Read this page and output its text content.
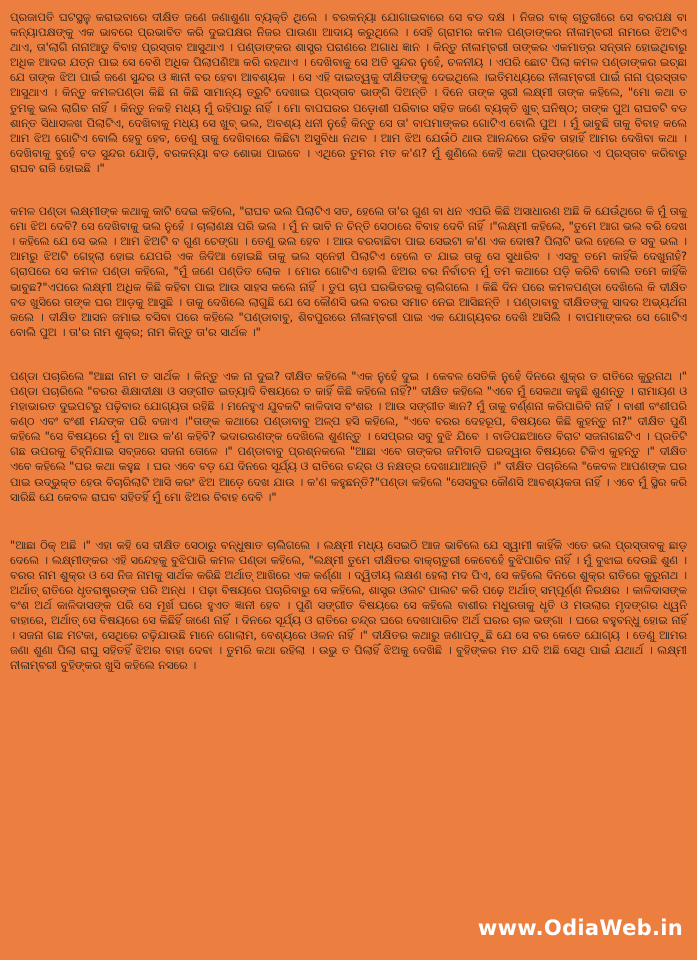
ପ୍ରଜାପତି ଘଟସ୍ଥଳୁ କରାଇବାରେ ଦୀକ୍ଷିତ ଜଣେ ଜଣାଶୁଣା ବ୍ୟକ୍ତି ଥିଲେ । ବରକନ୍ୟା ଯୋଗାଇବାରେ ସେ ବଡ ଦକ୍ଷ । ନିଜର ବାକ୍ ଚାତୁରୀରେ ସେ ବରପକ୍ଷ ବା କନ୍ୟାପକ୍ଷଙ୍କୁ ଏକ ଭାବରେ ପ୍ରଭାବିତ କରି ଦୁଇପକ୍ଷର ନିଜର ପାଉଣା ଆଦାୟ କରୁଥିଲେ । ସେହି ଗ୍ରାମର କମଳ ପଣ୍ଡାଙ୍କର ନୀଳାମ୍ବରୀ ନାମରେ ଝିଅଟିଏ ଥାଏ, ତା'ଲାଗି ନାନାଆଡୁ ବିବାହ ପ୍ରସ୍ତାବ ଆସୁଥାଏ । ପଣ୍ଡାଙ୍କର ଶାସ୍ତ୍ର ପରାଣରେ ଅଗାଧ ଜ୍ଞାନ । କିନ୍ତୁ ନୀଳାମ୍ବରୀ ତାଙ୍କର ଏକମାତ୍ର ସନ୍ତାନ ହୋଇଥିବାରୁ ଅଧିକ ଆଦର ଯତ୍ନ ପାଇ ସେ ବେଶି ଅଧିକ ପିଲାପଣିଆ କରି ରହଥାଏ । ଦେଖିବାକୁ ସେ ଅତି ସୁନ୍ଦର ନୁହେଁ, ଚଳନୀୟ । ଏପରି ଛୋଟ ପିଲା କମଳ ପଣ୍ଡାଙ୍କର ଇଚ୍ଛା ଯେ ତାଙ୍କ ଝିଅ ପାଇଁ ଜଣେ ସୁନ୍ଦର ଓ ଜ୍ଞାନୀ ବର ହେବା ଆବଶ୍ୟକ । ସେ ଏହି ଦାଇତ୍ୱକୁ ଦୀକ୍ଷିତଙ୍କୁ ଦେଇଥିଲେ ।ଇତିମଧ୍ୟରେ ନୀଳାମ୍ବରୀ ପାଇଁ ନାନା ପ୍ରସ୍ତାବ ଆସୁଥାଏ । କିନ୍ତୁ କମଳପଣ୍ଡା କିଛି ନା କିଛି ସାମାନ୍ୟ ତ୍ରୁଟି ଦେଖାଇ ପ୍ରସ୍ତାବ ଭାଙ୍ଗି ଦିଅନ୍ତି । ଦିନେ ତାଙ୍କ ସ୍ତ୍ରୀ ଲକ୍ଷ୍ମୀ ତାଙ୍କ କହିଲେ, "ମୋ କଥା ତ ତୁମକୁ ଭଲ ଲାଗିବ ନାହିଁ । କିନ୍ତୁ ନକହି ମଧ୍ୟ ମୁଁ ରହିପାରୁ ନାହିଁ । ମୋ ବାପଘରର ପଡ଼ୋଶୀ ପରିବାର ସହିତ ଜଣେ ବ୍ୟକ୍ତି ଖୁବ୍ ଘନିଷ୍ଠ; ତାଙ୍କ ପୁଅ ରାଘବଟି ବଡ ଶାନ୍ତ ସିଧାସଳଖ ପିଲାଟିଏ, ଦେଖିବାକୁ ମଧ୍ୟ ସେ ଖୁବ୍ ଭଲ, ଅବଶ୍ୟ ଧନୀ ନୁହେଁ କିନ୍ତୁ ସେ ତା' ବାପମାଙ୍କର ଗୋଟିଏ ବୋଲି ପୁଅ । ମୁଁ ଭାବୁଛି ତାକୁ ବିବାହ କଲେ ଆମ ଝିଅ ଗୋଟିଏ ବୋଲି ହେବୁ ହେବ, ତେଣୁ ତାକୁ ଦେଖିବାରେ କିଛିଟା ଅସୁବିଧା ନଥବ । ଆମ ଝିଅ ଯେଉଁଠି ଥାଉ ଆନନ୍ଦରେ ରହିବ ତାହାହିଁ ଆମର ଦେଖିବା କଥା । ଦେଖିବାକୁ ବୁହେଁ ବଡ ସୁନ୍ଦର ଯୋଡ଼ି, ବରକନ୍ୟା ବଡ ଶୋଭା ପାଇବେ । ଏଥିରେ ତୁମର ମତ କ'ଣ? ମୁଁ ଶୁଣିଲେ କେହି କଥା ପ୍ରସଙ୍ଗରେ ଏ ପ୍ରସ୍ତାବ କରିବାରୁ ରାଘବ ରାଜି ହୋଇଛି ।"

କମଳ ପଣ୍ଡା ଲକ୍ଷ୍ମୀଙ୍କ କଥାକୁ କାଟି ଦେଇ କହିଲେ, "ରାଘବ ଭଲ ପିଲାଟିଏ ସତ, ହେଲେ ତା'ର ଗୁଣ ବା ଧନ ଏପରି କିଛି ଅସାଧାରଣ ଅଛି କି ଯେଉଁଥିରେ କି ମୁଁ ତାକୁ ମୋ ଝିଅ ଦେବି? ସେ ଦେଖିବାକୁ ଭଲ ନୁହେଁ । ଚାଲାଣକ୍ଷ ପରି ଭଲ । ମୁଁ ନ ଭାବି ନ ଚିନ୍ତି ସେଠାରେ ବିବାହ ଦେବି ନାହିଁ ।"ଲକ୍ଷ୍ମୀ କହିଲେ, "ତୁମେ ଆଗ ଭଲ ବରି ଦେଖ । କହିଲେ ଯେ ସେ ଭଲ । ଆମ ଝିଅଟି ବ ଗୁଣ ଚେଙ୍ଗା । ତେଣୁ ଭଲ ହେବ । ଆଉ ବରବାଛିବା ପାଇ ସେଇଟା କ'ଣ ଏକ ଦୋଷ? ପିଲାଟି ଭଲ ହେଲେ ତ ସବୁ ଭଲ । ଆମରୁ ଝିଅଟି ଗେହ୍ଲା ହୋଇ ଯେପରି ଏକ ଜିଦିଆ ହୋଇଛି ତାକୁ ଭଲ ସ୍ନେହୀ ପିଲାଟିଏ ହେଲେ ତ ଯାଇ ତାକୁ ସେ ସୁଧାରିବ । ଏସବୁ ତମେ କାହିଁକି ଦେଖୁନାହଁ? ଗ୍ରାପରେ ସେ କମଳ ପଣ୍ଡା କହିଲେ, "ମୁଁ ଜଣେ ପଣ୍ଡିତ ଲୋକ । ମୋର ଗୋଟିଏ ହୋଲି ଝିଅର ବର ନିର୍ବାଚନ ମୁଁ ତମ କଥାରେ ପଡ଼ି କରିବି ବୋଲି ତମେ କାହିଁକି ଭାବୁଛ?"ଏପରେ ଲକ୍ଷ୍ମୀ ଅଧିକ କିଛି କହିବା ପାଇ ଆଉ ସାହସ କଲେ ନାହିଁ । ତୁପ ଚାପ ଘରଭିତରକୁ ଚାଲିଗଲେ । କିଛି ଦିନ ପରେ କମଳପଣ୍ଡା ଦେଖିଲେ କି ଦୀକ୍ଷିତ ବଡ ଖୁସିରେ ତାଙ୍କ ଘର ଆଡ଼କୁ ଆସୁଛି । ତାକୁ ଦେଖିଲେ ଲାଗୁଛି ଯେ ସେ କୌଣସି ଭଲ ବରର ସମାଚ ନେଇ ଆସିଛନ୍ତି । ପଣ୍ଡାବାବୁ ଦୀକ୍ଷିତଙ୍କୁ ସାଦର ଅଭ୍ୟର୍ଥନା କଲେ । ଦୀକ୍ଷିତ ଆସନ ଜମାଇ ବସିବା ପରେ କହିଲେ "ପଣ୍ଡାବାବୁ, ଶିବପୁରରେ ନୀଳାମ୍ବରୀ ପାଇ ଏକ ଯୋଗ୍ୟବର ଦେଖି ଆସିଲି । ବାପମାଙ୍କର ସେ ଗୋଟିଏ ବୋଲି ପୁଅ । ତା'ର ନାମ ଶୁକ୍ର; ନାମ କିନ୍ତୁ ତା'ର ସାର୍ଥକ ।"

ପଣ୍ଡା ପଚାରିଲେ "ଆଛା ନାମ ତ ସାର୍ଥକ । କିନ୍ତୁ ଏକ ନା ଦୁଇ? ଦୀକ୍ଷିତ କହିଲେ "ଏକ ନୁହେଁ ଦୁଇ । କେବଳ ସେତିକି ନୁହେଁ ଦିନରେ ଶୁକ୍ର ତ ରାତିରେ କୁରୁନାଥ ।" ପଣ୍ଡା ପଚାରିଲେ "ବରର ଶିକ୍ଷାଦୀକ୍ଷା ଓ ସଙ୍ଗୀତ ଇତ୍ୟାଦି ବିଷୟରେ ତ କାହିଁ କିଛି କହିଲେ ନାହିଁ?" ଦୀକ୍ଷିତ କହିଲେ "ଏବେ ମୁଁ ସେକଥା କହୁଛି ଶୁଣନ୍ତୁ । ରାମାୟଣ ଓ ମହାଭାରତ ଦୁଇପଟରୁ ପଢ଼ିବାର ଯୋଗ୍ୟତା ରହିଛି । ମନେହୁଏ ଯୁବକଟି କାଳିଦାସ ବଂଶର । ଆଉ ସଙ୍ଗୀତ ଜ୍ଞାନ? ମୁଁ ତାକୁ ବର୍ଣ୍ଣନା କରିପାରିବି ନାହିଁ । ବାଶୀ ବଂଶୀପରି କଣ୍ଠ ଏବଂ ବଂଶୀ ମନ୍ଦଙ୍କ ପରି ବଜାଏ ।"ତାଙ୍କ କଥାରେ ପଣ୍ଡାବାବୁ ଅଳ୍ପ ହସି କହିଲେ, "ଏବେ ବରର ଦେହରୂପ, ବିଷୟରେ କିଛି କୁହନ୍ତୁ ନା?" ଦୀକ୍ଷିତ ପୁଣି କହିଲେ "ସେ ବିଷୟରେ ମୁଁ ବା ଆଉ କ'ଣ କହିବି? ଭଦାରରଣଙ୍କ ଦେଖିଲେ ଶୁଣନ୍ତୁ । ସେପ୍ରର ସବୁ ବୁଝି ଯିବେ । ବାଡିପଛଆଡେ ବିରାଟ ସଜନାଗଛଟିଏ । ପ୍ରତିଟି ଗଛ ଉପରକୁ ଚିହ୍ନିଯାଇ ସବ୍ଜରେ ସଜନା ତୋଳେ ।" ପଣ୍ଡାବାବୁ ପ୍ରଶ୍ନକଲେ "ଆଛା ଏବେ ତାଙ୍କର ଜମିବାଡି ଘରଦ୍ୱାର ବିଷୟରେ ଟିକିଏ କୁହନ୍ତୁ ।" ଦୀକ୍ଷିତ ଏବେ କହିଲେ "ଘର କଥା କହୁଛ । ଘର ଏବେ ବଡ଼ ଯେ ଦିନରେ ସୂର୍ଯ୍ୟ ଓ ରାତିରେ ଚନ୍ଦ୍ର ଓ ନକ୍ଷତ୍ର ଦେଖାଯାଆନ୍ତି ।" ଦୀକ୍ଷିତ ପଚାରିଲେ "କେବଳ ଆପଣଙ୍କ ଘର ପାଇ ଉଦ୍ଭୁକ୍ତ ହେଉ ବିଚାରିଲାଟି ଆସି କରଂ ଝିଅ ଆଡ଼େ ଦେଖ ଯାଉ । କ'ଣ କହୁଛନ୍ତି?"ପଣ୍ଡା କହିଲେ "ସେସବୁର କୌଣସି ଆବଶ୍ୟକତା ନାହିଁ । ଏବେ ମୁଁ ସ୍ଥିର କରି ସାରିଛି ଯେ କେବଳ ରାଘବ ସହିତହିଁ ମୁଁ ମୋ ଝିଅର ବିବାହ ଦେବି ।"

"ଆଛା ଠିକ୍ ଅଛି ।" ଏହା କହି ସେ ଦୀକ୍ଷିତ ସେଠାରୁ ବନ୍ଧୁଷାତ ଚାଲିଗଲେ । ଲକ୍ଷ୍ମୀ ମଧ୍ୟ ସେଇଠି ଆଜ ଭାବିଲେ ଯେ ସ୍ୱାମୀ କାହିଁକି ଏତେ ଭଲ ପ୍ରସ୍ତାବକୁ ଛାଡ଼ ଦେଲେ । ଲକ୍ଷ୍ମୀଙ୍କର ଏହି ସନ୍ଦେହକୁ ବୁଝିପାରି କମଳ ପଣ୍ଡା କହିଲେ, "ଲକ୍ଷ୍ମୀ ତୁମେ ଦୀକ୍ଷିତର ବାକ୍‌ଚାତୁରୀ କେବେହେଁ ବୁଝିପାରିବ ନାହିଁ । ମୁଁ ବୁଝାଇ ଦେଉଛି ଶୁଣ । ବରର ନାମ ଶୁକ୍ର ଓ ସେ ନିଜ ନାମକୁ ସାର୍ଥକ କରିଛି ଅର୍ଥାତ୍ ଆଖିରେ ଏକ କର୍ଣ୍ଣା । ଦ୍ୱିତୀୟ ଲକ୍ଷଣ ହେଲା ମଦ ପିଏ, ସେ କହିଲେ ଦିନରେ ଶୁକ୍ର ରାତିରେ କୁରୁନାଥ । ଅର୍ଥାତ୍ ରାତିରେ ଧୃତରାଷ୍ଟ୍ରଙ୍କ ପରି ଅନ୍ଧ । ପଢ଼ା ବିଷୟରେ ପଚାରିବାରୁ ସେ କହିଲେ, ଶାସ୍ତ୍ର ଓଲଟ ପାଲଟ କରି ପଢ଼େ ଅର୍ଥାତ୍ ସମ୍ପୂର୍ଣ୍ଣ ନିରକ୍ଷର । କାଳିଦାସଙ୍କ ବଂଶ ଅର୍ଥ କାଳିଦାସଙ୍କ ପରି ସେ ମୂର୍ଖ ଘରେ ହୁଏତ ଜ୍ଞାନୀ ହେବ । ପୁଣି ସଙ୍ଗୀତ ବିଷୟରେ ସେ କହିଲେ ବାଶୀର ମଧୁରତାକୁ ଧୃତି ଓ ମଉଲାର ମୃଦଙ୍ଗର ଧ୍ୱନି ବାହାରେ, ଅର୍ଥାତ୍ ସେ ବିଷୟରେ ସେ କିଛିହିଁ ଜାଣେ ନାହିଁ । ଦିନରେ ସୂର୍ଯ୍ୟ ଓ ରାତିରେ ଚନ୍ଦ୍ର ଘରେ ଦେଖାପାରିବ ଅର୍ଥ ଘରର ଚାଳ ଭଙ୍ଗା । ଘରେ ବହୁବନ୍ଧୁ ହୋଇ ନାହିଁ । ସଜନା ଗଛ ମଟକା, ସେଥିରେ ଚଢ଼ିଯାଉଛି ମାନେ ଗୋଲାମ, ବେଶ୍ୟରେ ଓଳନ ନାହିଁ ।" ଦୀକ୍ଷିତର କଥାରୁ ଜଣାପଡ଼ୁଛି ଯେ ସେ ବର କେତେ ଯୋଗ୍ୟ । ତେଣୁ ଆମର ଜଣା ଶୁଣା ପିଲା ରାଘୁ ସହିତହିଁ ଝିଅର ବାହା ଦେବା । ତୁମରି କଥା ରହିଲା । ଉଭୁ ତ ପିଲାହିଁ ଝିଅକୁ ଦେଖିଛି । ବୁହିଙ୍କର ମତ ଯଦି ଅଛି ସେଥି ପାଇଁ ଯଥାର୍ଥ । ଲକ୍ଷ୍ମୀ ନୀଳାମ୍ବରୀ ବୁହିଙ୍କର ଖୁସି କହିଲେ ନସରେ ।

www.OdiaWeb.in
